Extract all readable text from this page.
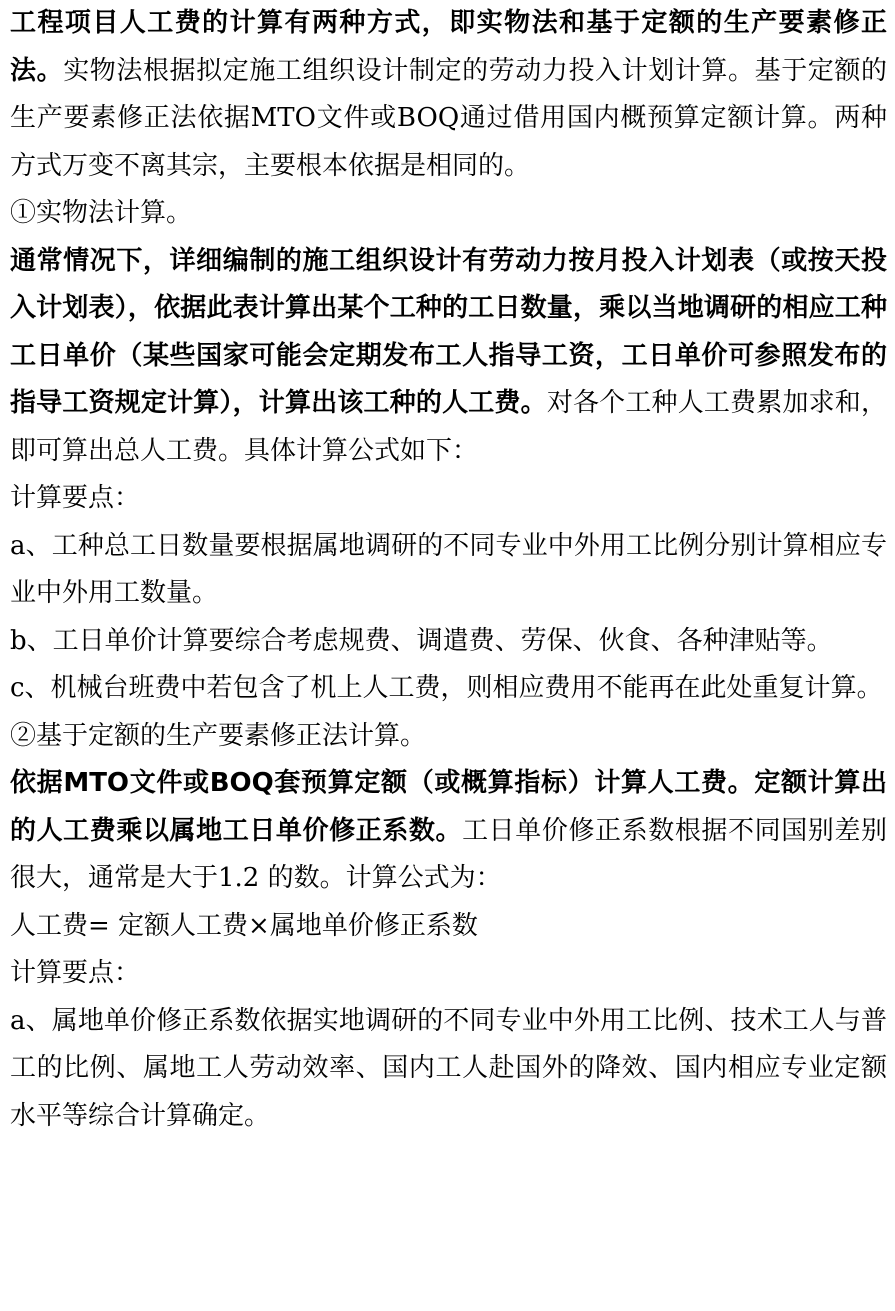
工程项目人工费的计算有两种方式，即实物法和基于定额的生产要素修正法。实物法根据拟定施工组织设计制定的劳动力投入计划计算。基于定额的生产要素修正法依据MTO文件或BOQ通过借用国内概预算定额计算。两种方式万变不离其宗，主要根本依据是相同的。

①实物法计算。

通常情况下，详细编制的施工组织设计有劳动力按月投入计划表（或按天投入计划表），依据此表计算出某个工种的工日数量，乘以当地调研的相应工种工日单价（某些国家可能会定期发布工人指导工资，工日单价可参照发布的指导工资规定计算），计算出该工种的人工费。对各个工种人工费累加求和，即可算出总人工费。具体计算公式如下：

计算要点：

a、工种总工日数量要根据属地调研的不同专业中外用工比例分别计算相应专业中外用工数量。

b、工日单价计算要综合考虑规费、调遣费、劳保、伙食、各种津贴等。

c、机械台班费中若包含了机上人工费，则相应费用不能再在此处重复计算。

②基于定额的生产要素修正法计算。

依据MTO文件或BOQ套预算定额（或概算指标）计算人工费。定额计算出的人工费乘以属地工日单价修正系数。工日单价修正系数根据不同国别差别很大，通常是大于1.2 的数。计算公式为：

人工费= 定额人工费×属地单价修正系数

计算要点：

a、属地单价修正系数依据实地调研的不同专业中外用工比例、技术工人与普工的比例、属地工人劳动效率、国内工人赴国外的降效、国内相应专业定额水平等综合计算确定。
